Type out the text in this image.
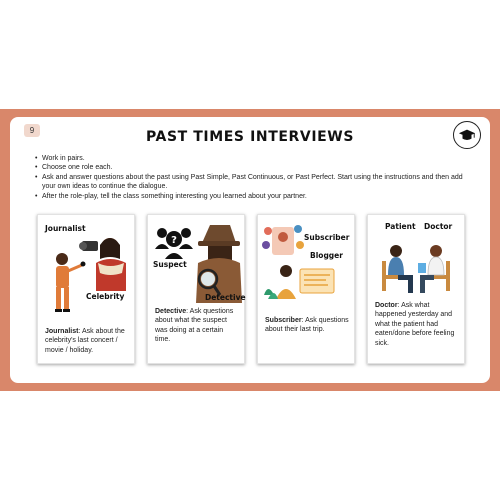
9	PAST TIMES INTERVIEWS
• Work in pairs.
• Choose one role each.
• Ask and answer questions about the past using Past Simple, Past Continuous, or Past Perfect. Start using the instructions and then add your own ideas to continue the dialogue.
• After the role-play, tell the class something interesting you learned about your partner.
Journalist
Celebrity
Journalist: Ask about the celebrity's last concert / movie / holiday.
?
Suspect
Detective
Detective: Ask questions about what the suspect was doing at a certain time.
Subscriber
Blogger
Subscriber: Ask questions about their last trip.
Patient Doctor
Doctor: Ask what happened yesterday and what the patient had eaten/done before feeling sick.
